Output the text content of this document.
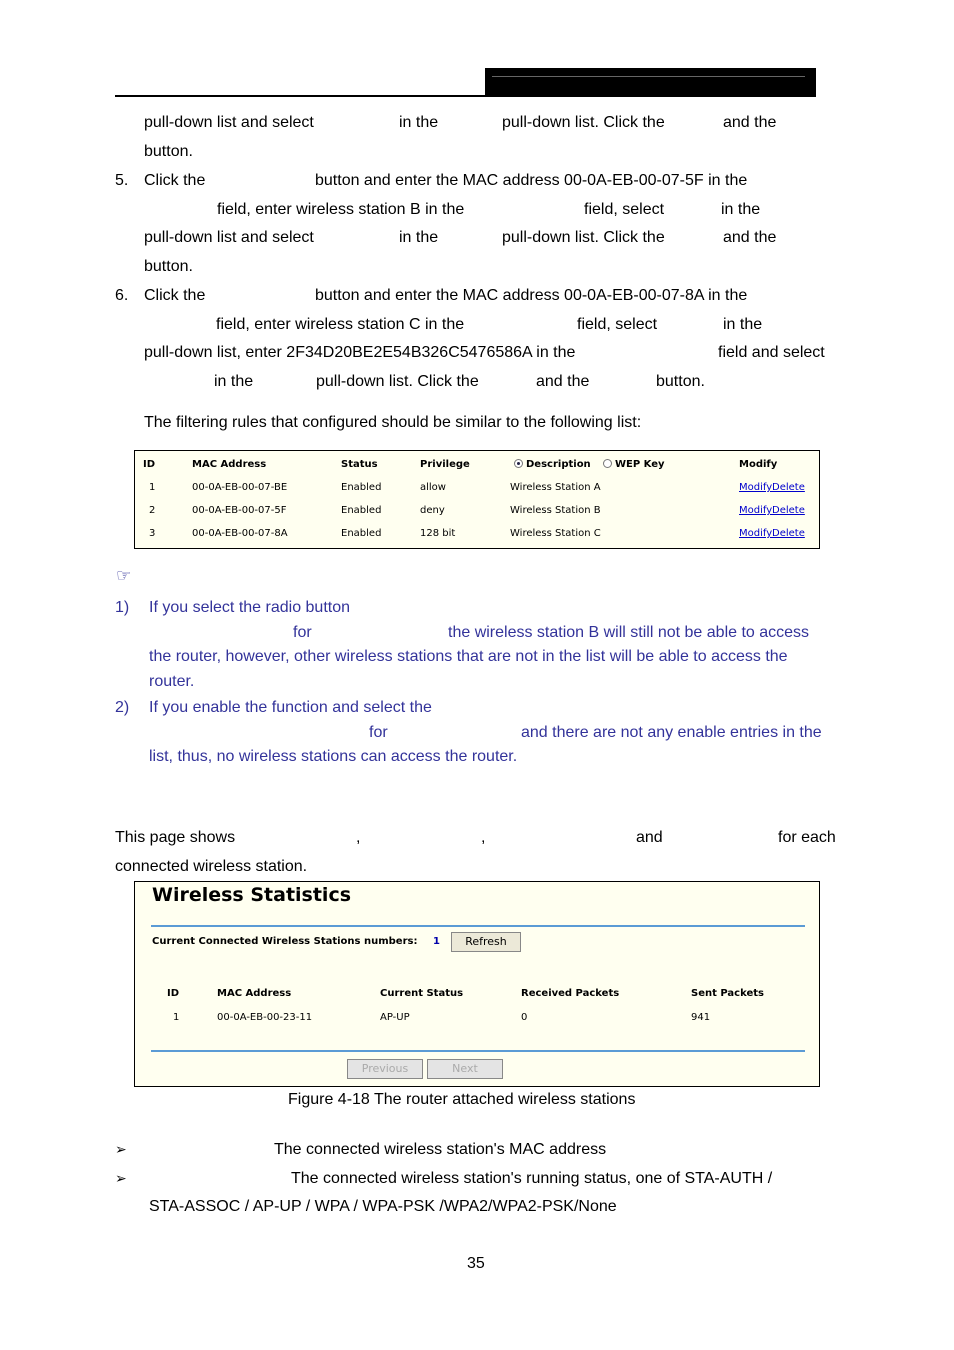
pull-down list and select	in the	pull-down list. Click the	and the
button.
5. Click the	button and enter the MAC address 00-0A-EB-00-07-5F in the
field, enter wireless station B in the	field, select	in the
pull-down list and select	in the	pull-down list. Click the	and the
button.
6. Click the	button and enter the MAC address 00-0A-EB-00-07-8A in the
field, enter wireless station C in the	field, select	in the
pull-down list, enter 2F34D20BE2E54B326C5476586A in the	field and select
in the	pull-down list. Click the	and the	button.
The filtering rules that configured should be similar to the following list:
ID	MAC Address	Status	Privilege	Description	WEP Key	Modify
1	00-0A-EB-00-07-BE	Enabled	allow	Wireless Station A	Modify Delete
2	00-0A-EB-00-07-5F	Enabled	deny	Wireless Station B	Modify Delete
3	00-0A-EB-00-07-8A	Enabled	128 bit	Wireless Station C	Modify Delete
☞
1) If you select the radio button
for	the wireless station B will still not be able to access
the router, however, other wireless stations that are not in the list will be able to access the
router.
2) If you enable the function and select the
for	and there are not any enable entries in the
list, thus, no wireless stations can access the router.
This page shows	,	,	and	for each
connected wireless station.
Wireless Statistics
Current Connected Wireless Stations numbers: 1	Refresh
ID	MAC Address	Current Status	Received Packets	Sent Packets
1	00-0A-EB-00-23-11	AP-UP	0	941
Previous	Next
Figure 4-18 The router attached wireless stations
➢	The connected wireless station's MAC address
➢	The connected wireless station's running status, one of STA-AUTH /
STA-ASSOC / AP-UP / WPA / WPA-PSK /WPA2/WPA2-PSK/None
35
